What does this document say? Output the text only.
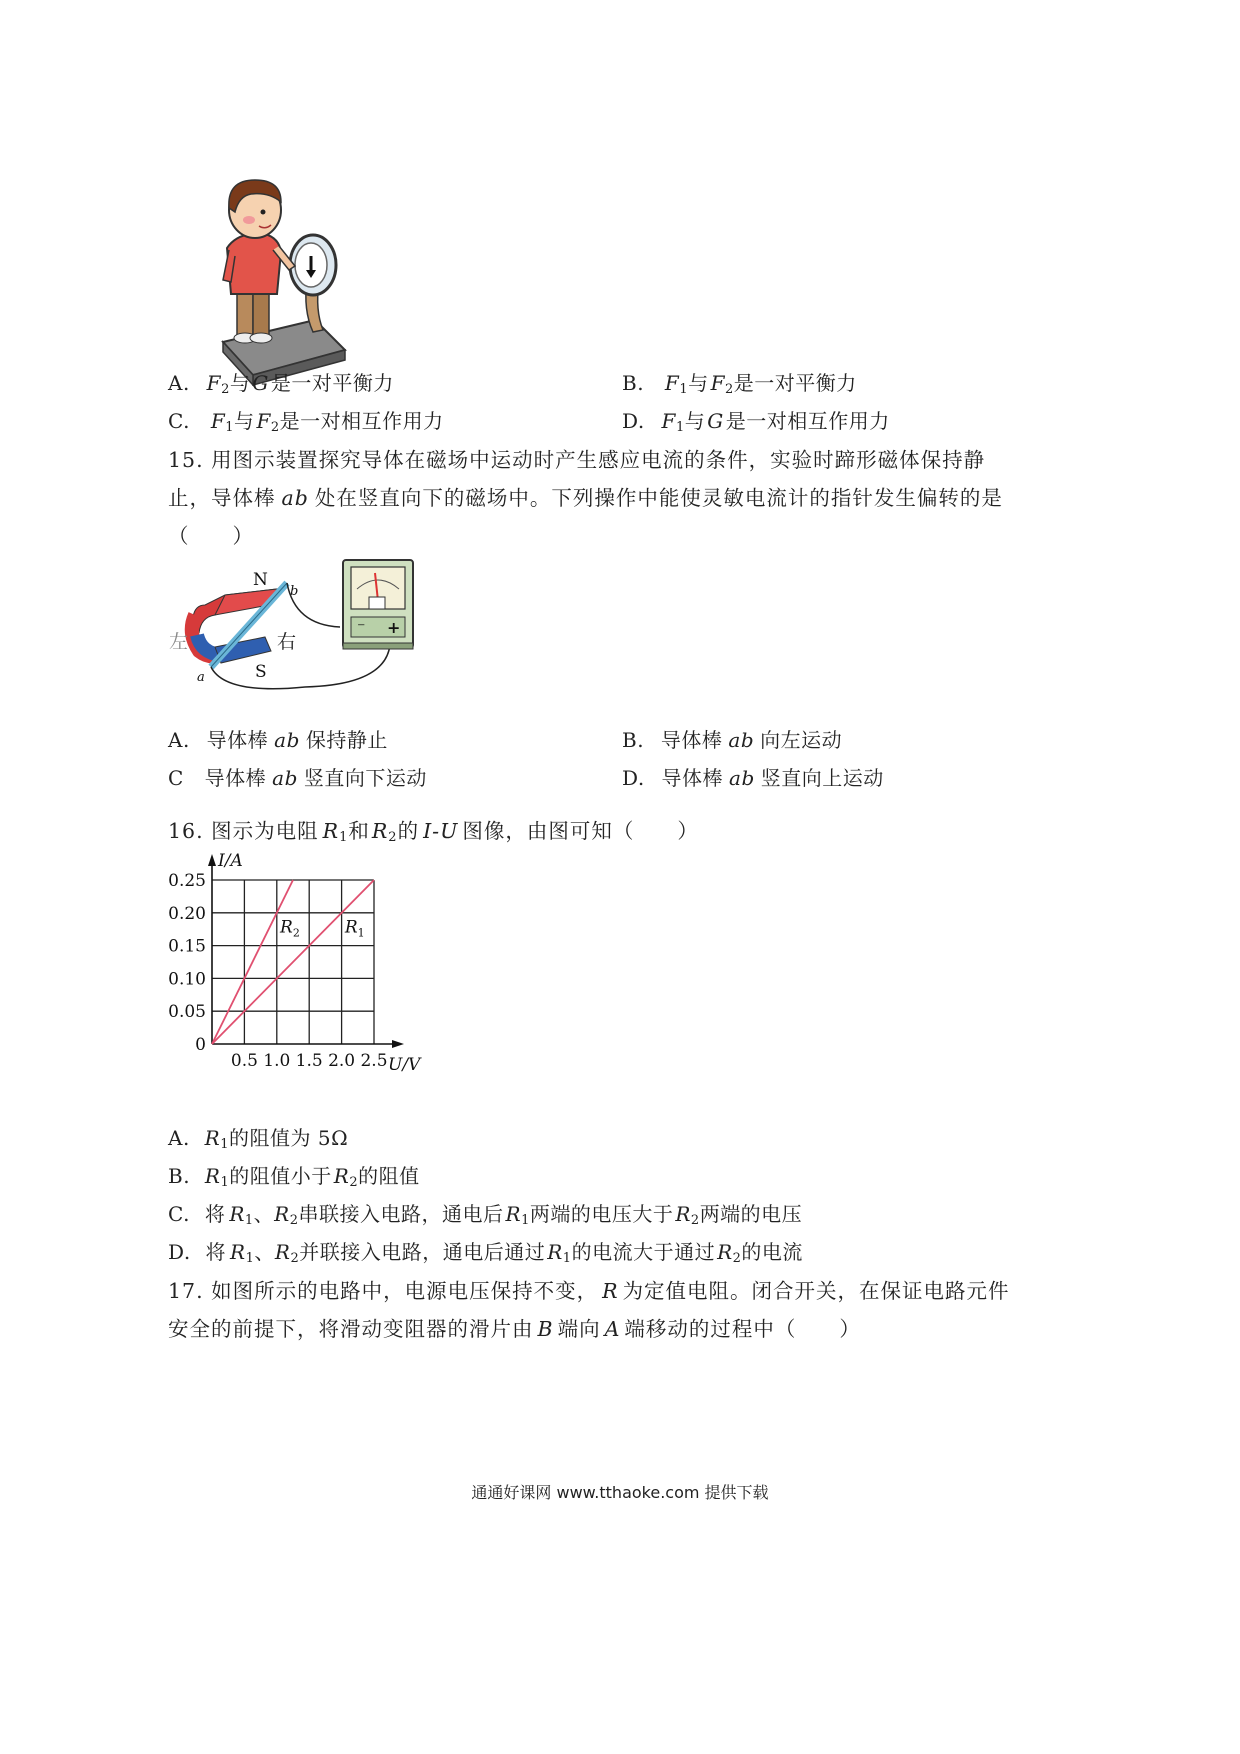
A. $F_2$与 G 是一对平衡力	B. $F_1$与 $F_2$是一对平衡力
C. $F_1$与 $F_2$是一对相互作用力	D. $F_1$与 G 是一对相互作用力
15. 用图示装置探究导体在磁场中运动时产生感应电流的条件，实验时蹄形磁体保持静
止，导体棒 ab 处在竖直向下的磁场中。下列操作中能使灵敏电流计的指针发生偏转的是
（　　）
⁻ +
N
S
左	右
a
b
A. 导体棒 ab 保持静止	B. 导体棒 ab 向左运动
C 导体棒 ab 竖直向下运动	D. 导体棒 ab 竖直向上运动
16. 图示为电阻 $R_1$和$R_2$的 I-U 图像，由图可知（　　）
$R_2$	$R_1$
0.25
0.20
0.15
0.10
0.05
0.5 1.0 1.5 2.0 2.5
0
I/A
U/V
A. $R_1$的阻值为 5Ω
B. $R_1$的阻值小于 $R_2$的阻值
C. 将 $R_1$、$R_2$串联接入电路，通电后 $R_1$两端的电压大于 $R_2$两端的电压
D. 将 $R_1$、$R_2$并联接入电路，通电后通过 $R_1$的电流大于通过 $R_2$的电流
17. 如图所示的电路中，电源电压保持不变， R 为定值电阻。闭合开关，在保证电路元件
安全的前提下，将滑动变阻器的滑片由 B 端向 A 端移动的过程中（　　）
通通好课网 www.tthaoke.com 提供下载
